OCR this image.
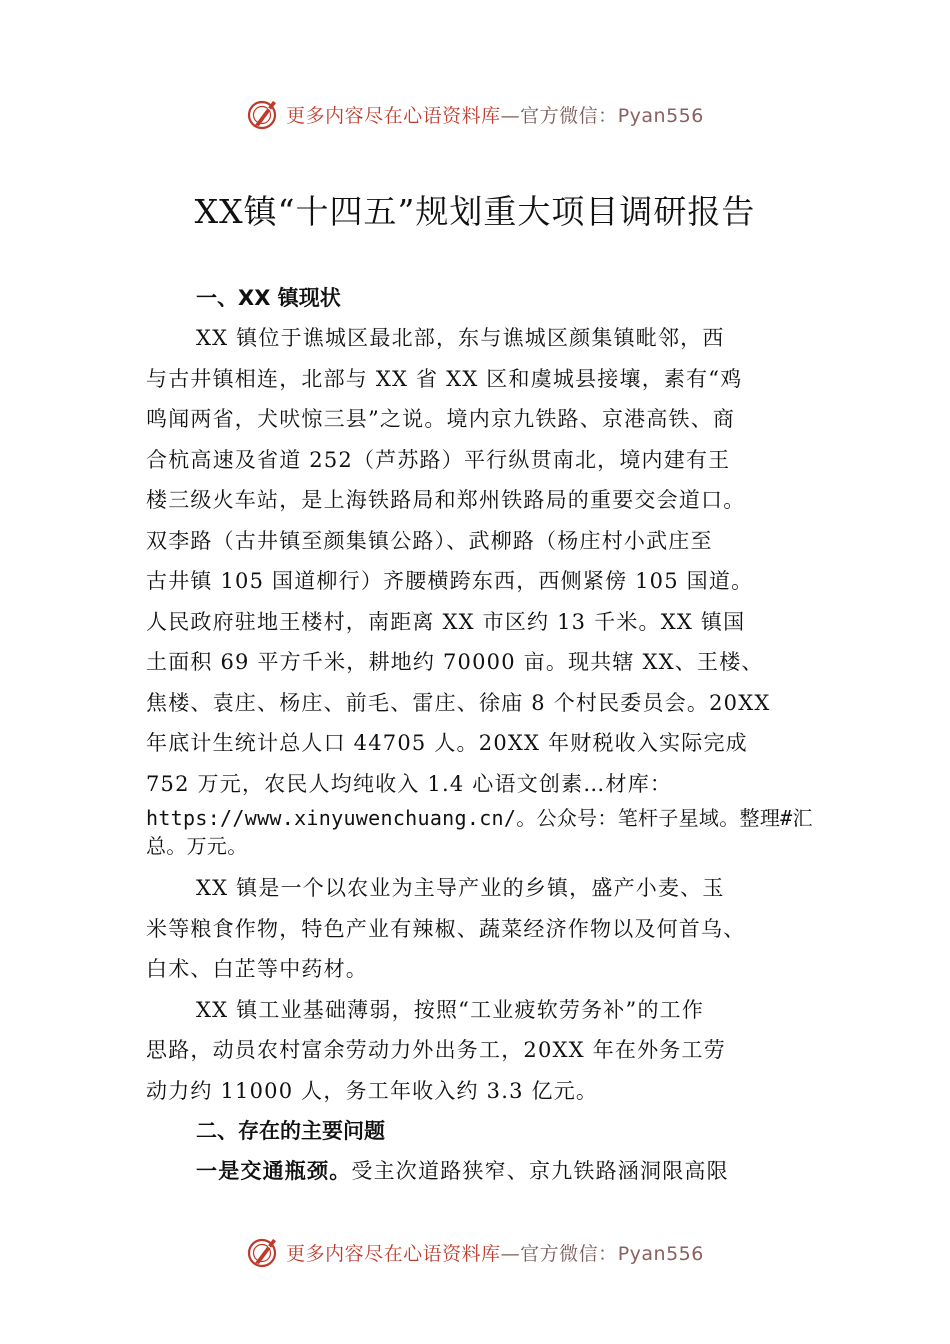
更多内容尽在心语资料库—官方微信：Pyan556
XX镇“十四五”规划重大项目调研报告
一、XX 镇现状
XX 镇位于谯城区最北部，东与谯城区颜集镇毗邻，西
与古井镇相连，北部与 XX 省 XX 区和虞城县接壤，素有“鸡
鸣闻两省，犬吠惊三县”之说。境内京九铁路、京港高铁、商
合杭高速及省道 252（芦苏路）平行纵贯南北，境内建有王
楼三级火车站，是上海铁路局和郑州铁路局的重要交会道口。
双李路（古井镇至颜集镇公路）、武柳路（杨庄村小武庄至
古井镇 105 国道柳行）齐腰横跨东西，西侧紧傍 105 国道。
人民政府驻地王楼村，南距离 XX 市区约 13 千米。XX 镇国
土面积 69 平方千米，耕地约 70000 亩。现共辖 XX、王楼、
焦楼、袁庄、杨庄、前毛、雷庄、徐庙 8 个村民委员会。20XX
年底计生统计总人口 44705 人。20XX 年财税收入实际完成
752 万元，农民人均纯收入 1.4 心语文创素…材库：
https://www.xinyuwenchuang.cn/。公众号：笔杆子星域。整理#汇总。万元。
XX 镇是一个以农业为主导产业的乡镇，盛产小麦、玉
米等粮食作物，特色产业有辣椒、蔬菜经济作物以及何首乌、
白术、白芷等中药材。
XX 镇工业基础薄弱，按照“工业疲软劳务补”的工作
思路，动员农村富余劳动力外出务工，20XX 年在外务工劳
动力约 11000 人，务工年收入约 3.3 亿元。
二、存在的主要问题
一是交通瓶颈。受主次道路狭窄、京九铁路涵洞限高限
更多内容尽在心语资料库—官方微信：Pyan556
